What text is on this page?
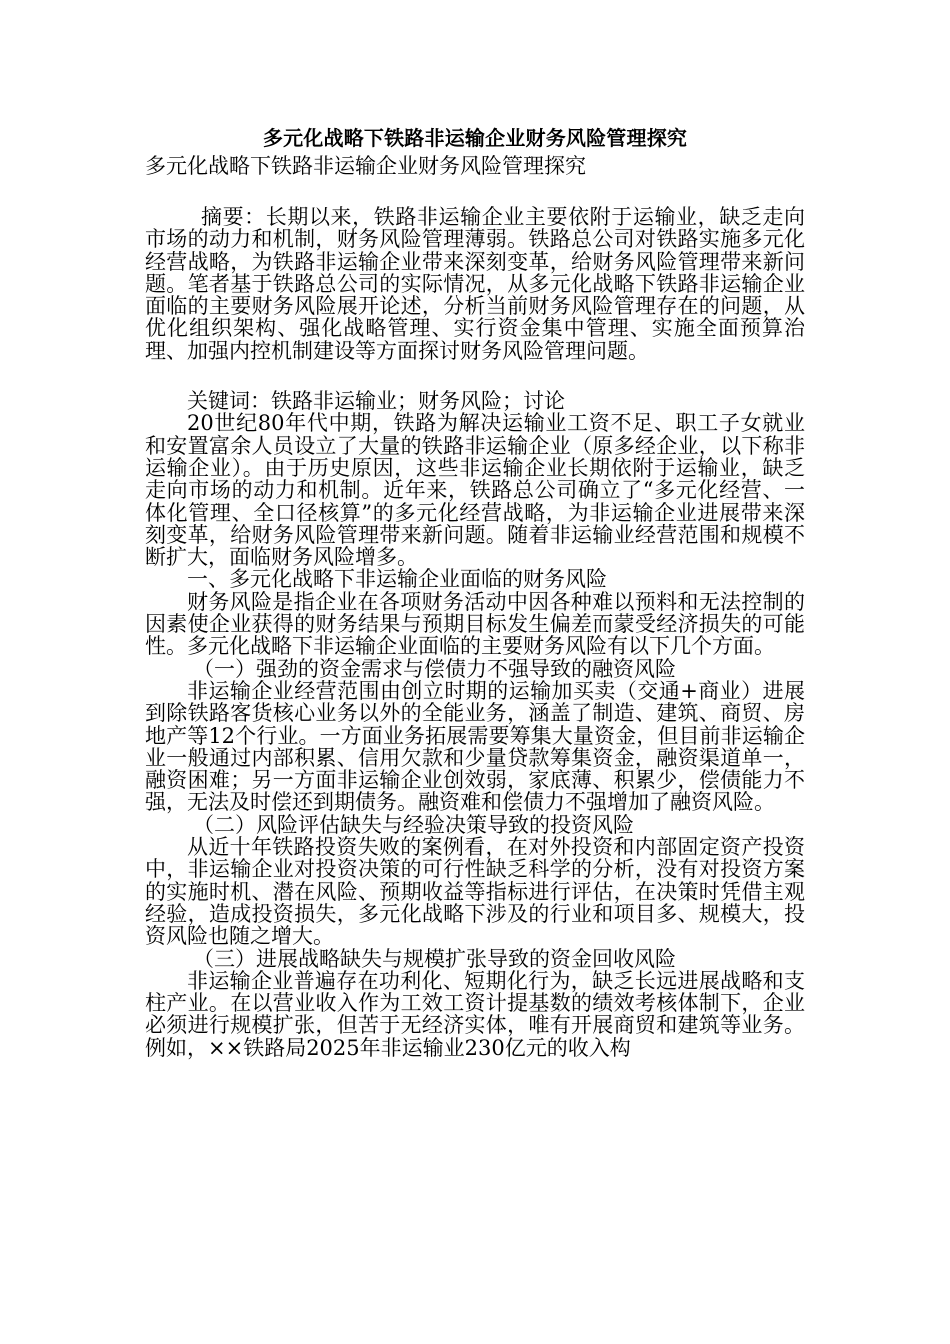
多元化战略下铁路非运输企业财务风险管理探究

多元化战略下铁路非运输企业财务风险管理探究

摘要：长期以来，铁路非运输企业主要依附于运输业，缺乏走向市场的动力和机制，财务风险管理薄弱。铁路总公司对铁路实施多元化经营战略，为铁路非运输企业带来深刻变革，给财务风险管理带来新问题。笔者基于铁路总公司的实际情况，从多元化战略下铁路非运输企业面临的主要财务风险展开论述，分析当前财务风险管理存在的问题，从优化组织架构、强化战略管理、实行资金集中管理、实施全面预算治理、加强内控机制建设等方面探讨财务风险管理问题。

关键词：铁路非运输业；财务风险；讨论

20世纪80年代中期，铁路为解决运输业工资不足、职工子女就业和安置富余人员设立了大量的铁路非运输企业（原多经企业，以下称非运输企业）。由于历史原因，这些非运输企业长期依附于运输业，缺乏走向市场的动力和机制。近年来，铁路总公司确立了“多元化经营、一体化管理、全口径核算”的多元化经营战略，为非运输企业进展带来深刻变革，给财务风险管理带来新问题。随着非运输业经营范围和规模不断扩大，面临财务风险增多。

一、多元化战略下非运输企业面临的财务风险

财务风险是指企业在各项财务活动中因各种难以预料和无法控制的因素使企业获得的财务结果与预期目标发生偏差而蒙受经济损失的可能性。多元化战略下非运输企业面临的主要财务风险有以下几个方面。

（一）强劲的资金需求与偿债力不强导致的融资风险

非运输企业经营范围由创立时期的运输加买卖（交通+商业）进展到除铁路客货核心业务以外的全能业务，涵盖了制造、建筑、商贸、房地产等12个行业。一方面业务拓展需要筹集大量资金，但目前非运输企业一般通过内部积累、信用欠款和少量贷款筹集资金，融资渠道单一，融资困难；另一方面非运输企业创效弱，家底薄、积累少，偿债能力不强，无法及时偿还到期债务。融资难和偿债力不强增加了融资风险。

（二）风险评估缺失与经验决策导致的投资风险

从近十年铁路投资失败的案例看，在对外投资和内部固定资产投资中，非运输企业对投资决策的可行性缺乏科学的分析，没有对投资方案的实施时机、潜在风险、预期收益等指标进行评估，在决策时凭借主观经验，造成投资损失，多元化战略下涉及的行业和项目多、规模大，投资风险也随之增大。

（三）进展战略缺失与规模扩张导致的资金回收风险

非运输企业普遍存在功利化、短期化行为，缺乏长远进展战略和支柱产业。在以营业收入作为工效工资计提基数的绩效考核体制下，企业必须进行规模扩张，但苦于无经济实体，唯有开展商贸和建筑等业务。例如，××铁路局2025年非运输业230亿元的收入构
